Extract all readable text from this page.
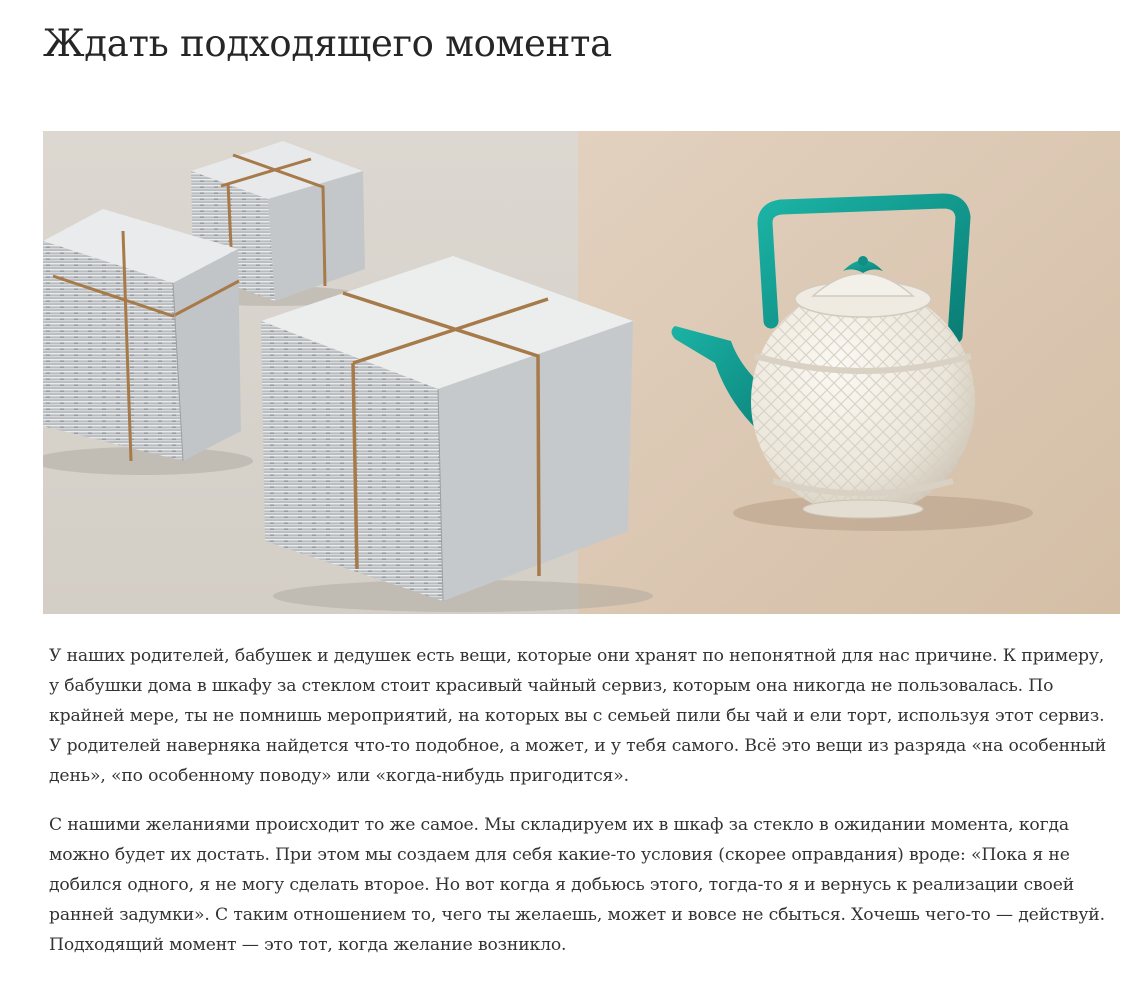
Ждать подходящего момента

У наших родителей, бабушек и дедушек есть вещи, которые они хранят по непонятной для нас причине. К примеру, у бабушки дома в шкафу за стеклом стоит красивый чайный сервиз, которым она никогда не пользовалась. По крайней мере, ты не помнишь мероприятий, на которых вы с семьей пили бы чай и ели торт, используя этот сервиз. У родителей наверняка найдется что-то подобное, а может, и у тебя самого. Всё это вещи из разряда «на особенный день», «по особенному поводу» или «когда-нибудь пригодится».

С нашими желаниями происходит то же самое. Мы складируем их в шкаф за стекло в ожидании момента, когда можно будет их достать. При этом мы создаем для себя какие-то условия (скорее оправдания) вроде: «Пока я не добился одного, я не могу сделать второе. Но вот когда я добьюсь этого, тогда-то я и вернусь к реализации своей ранней задумки». С таким отношением то, чего ты желаешь, может и вовсе не сбыться. Хочешь чего-то — действуй. Подходящий момент — это тот, когда желание возникло.
